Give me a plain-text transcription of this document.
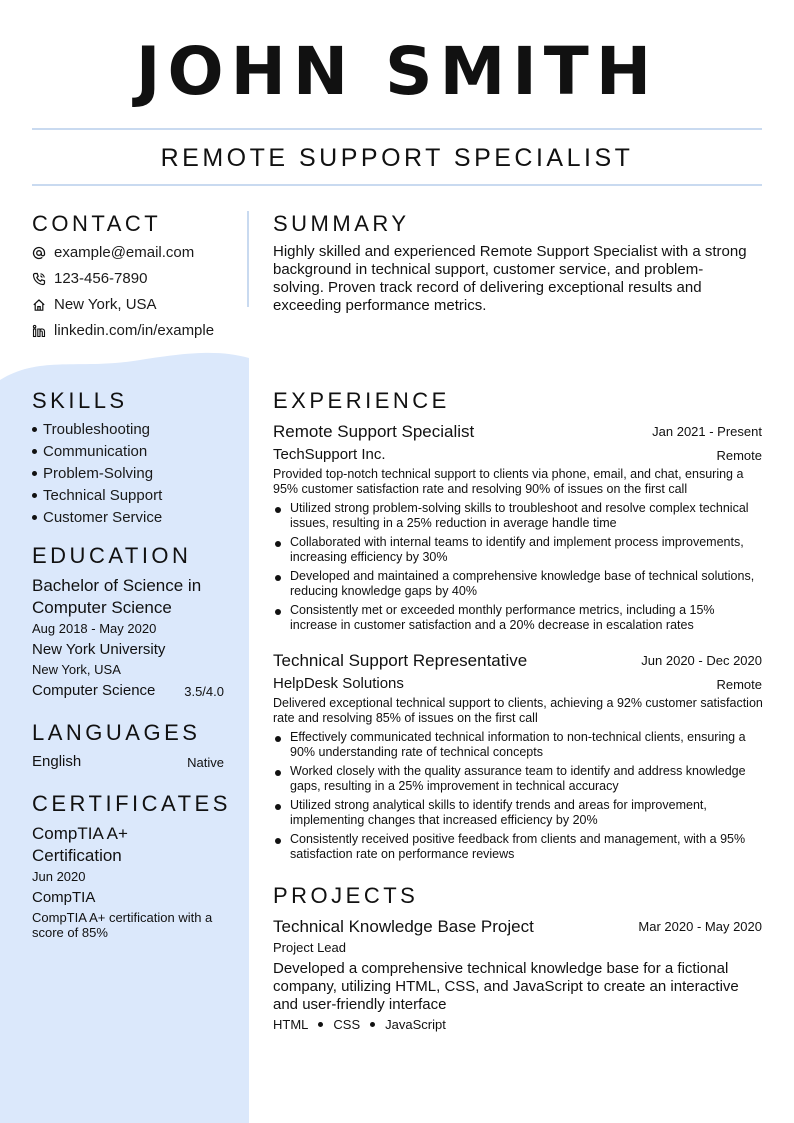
JOHN SMITH
REMOTE SUPPORT SPECIALIST
CONTACT
example@email.com
123-456-7890
New York, USA
linkedin.com/in/example
SKILLS
Troubleshooting
Communication
Problem-Solving
Technical Support
Customer Service
EDUCATION
Bachelor of Science in
Computer Science
Aug 2018 - May 2020
New York University
New York, USA
Computer Science	3.5/4.0
LANGUAGES
English	Native
CERTIFICATES
CompTIA A+
Certification
Jun 2020
CompTIA
CompTIA A+ certification with a
score of 85%
SUMMARY
Highly skilled and experienced Remote Support Specialist with a strong background in technical support, customer service, and problem-solving. Proven track record of delivering exceptional results and exceeding performance metrics.
EXPERIENCE
Remote Support Specialist	Jan 2021 - Present
TechSupport Inc.	Remote
Provided top-notch technical support to clients via phone, email, and chat, ensuring a 95% customer satisfaction rate and resolving 90% of issues on the first call
Utilized strong problem-solving skills to troubleshoot and resolve complex technical issues, resulting in a 25% reduction in average handle time
Collaborated with internal teams to identify and implement process improvements, increasing efficiency by 30%
Developed and maintained a comprehensive knowledge base of technical solutions, reducing knowledge gaps by 40%
Consistently met or exceeded monthly performance metrics, including a 15% increase in customer satisfaction and a 20% decrease in escalation rates
Technical Support Representative	Jun 2020 - Dec 2020
HelpDesk Solutions	Remote
Delivered exceptional technical support to clients, achieving a 92% customer satisfaction rate and resolving 85% of issues on the first call
Effectively communicated technical information to non-technical clients, ensuring a 90% understanding rate of technical concepts
Worked closely with the quality assurance team to identify and address knowledge gaps, resulting in a 25% improvement in technical accuracy
Utilized strong analytical skills to identify trends and areas for improvement, implementing changes that increased efficiency by 20%
Consistently received positive feedback from clients and management, with a 95% satisfaction rate on performance reviews
PROJECTS
Technical Knowledge Base Project	Mar 2020 - May 2020
Project Lead
Developed a comprehensive technical knowledge base for a fictional company, utilizing HTML, CSS, and JavaScript to create an interactive and user-friendly interface
HTML CSS JavaScript
